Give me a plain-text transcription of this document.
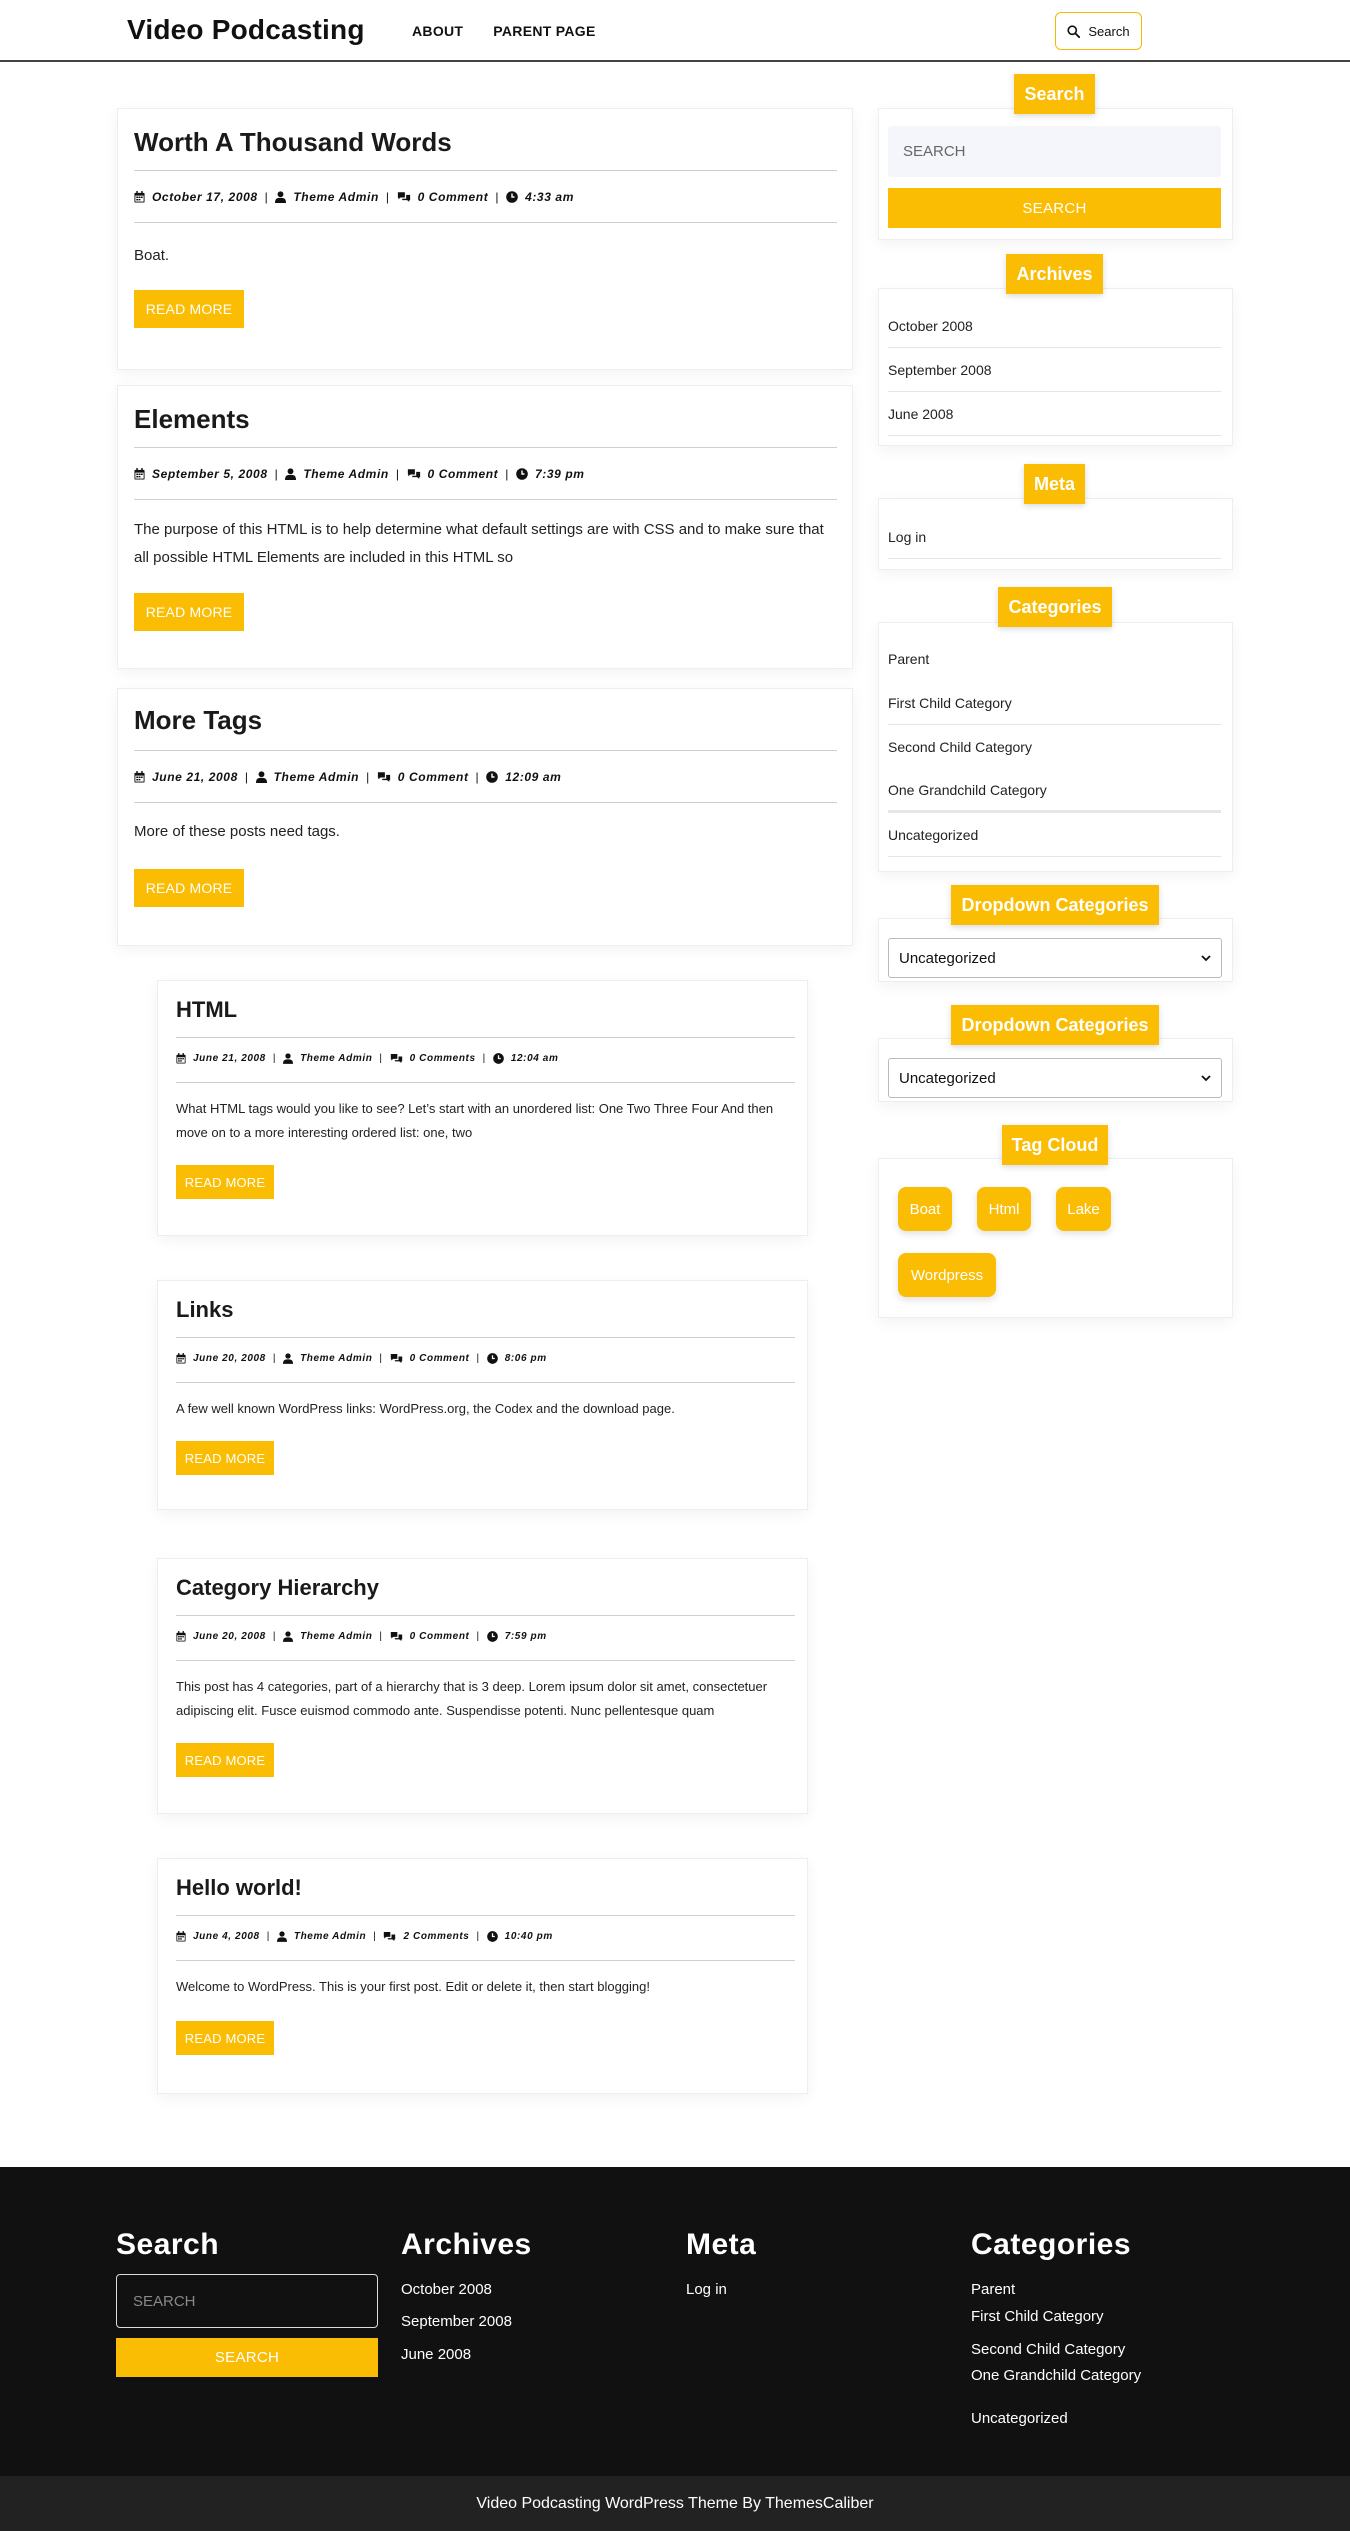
Video Podcasting	ABOUT PARENT PAGE	Search
Worth A Thousand Words
October 17, 2008 | Theme Admin | 0 Comment | 4:33 am
Boat.
READ MORE
Elements
September 5, 2008 | Theme Admin | 0 Comment | 7:39 pm
The purpose of this HTML is to help determine what default settings are with CSS and to make sure that all possible HTML Elements are included in this HTML so
READ MORE
More Tags
June 21, 2008 | Theme Admin | 0 Comment | 12:09 am
More of these posts need tags.
READ MORE
HTML
June 21, 2008 | Theme Admin |	0 Comments |	12:04 am
What HTML tags would you like to see? Let’s start with an unordered list: One Two Three Four And then move on to a more interesting ordered list: one, two
READ MORE
Links
June 20, 2008 | Theme Admin |	0 Comment |	8:06 pm
A few well known WordPress links: WordPress.org, the Codex and the download page.
READ MORE
Category Hierarchy
June 20, 2008 | Theme Admin |	0 Comment |	7:59 pm
This post has 4 categories, part of a hierarchy that is 3 deep. Lorem ipsum dolor sit amet, consectetuer adipiscing elit. Fusce euismod commodo ante. Suspendisse potenti. Nunc pellentesque quam
READ MORE
Hello world!
June 4, 2008 | Theme Admin |	2 Comments |	10:40 pm
Welcome to WordPress. This is your first post. Edit or delete it, then start blogging!
READ MORE
Search
SEARCH
SEARCH
Archives
October 2008
September 2008
June 2008
Meta
Log in
Categories
Parent
First Child Category
Second Child Category
One Grandchild Category
Uncategorized
Dropdown Categories
Uncategorized
Dropdown Categories
Uncategorized
Tag Cloud
Boat	Html	Lake
Wordpress
Search
SEARCH
SEARCH
Archives
October 2008
September 2008
June 2008
Meta
Log in
Categories
Parent
First Child Category
Second Child Category
One Grandchild Category
Uncategorized
Video Podcasting WordPress Theme By ThemesCaliber
